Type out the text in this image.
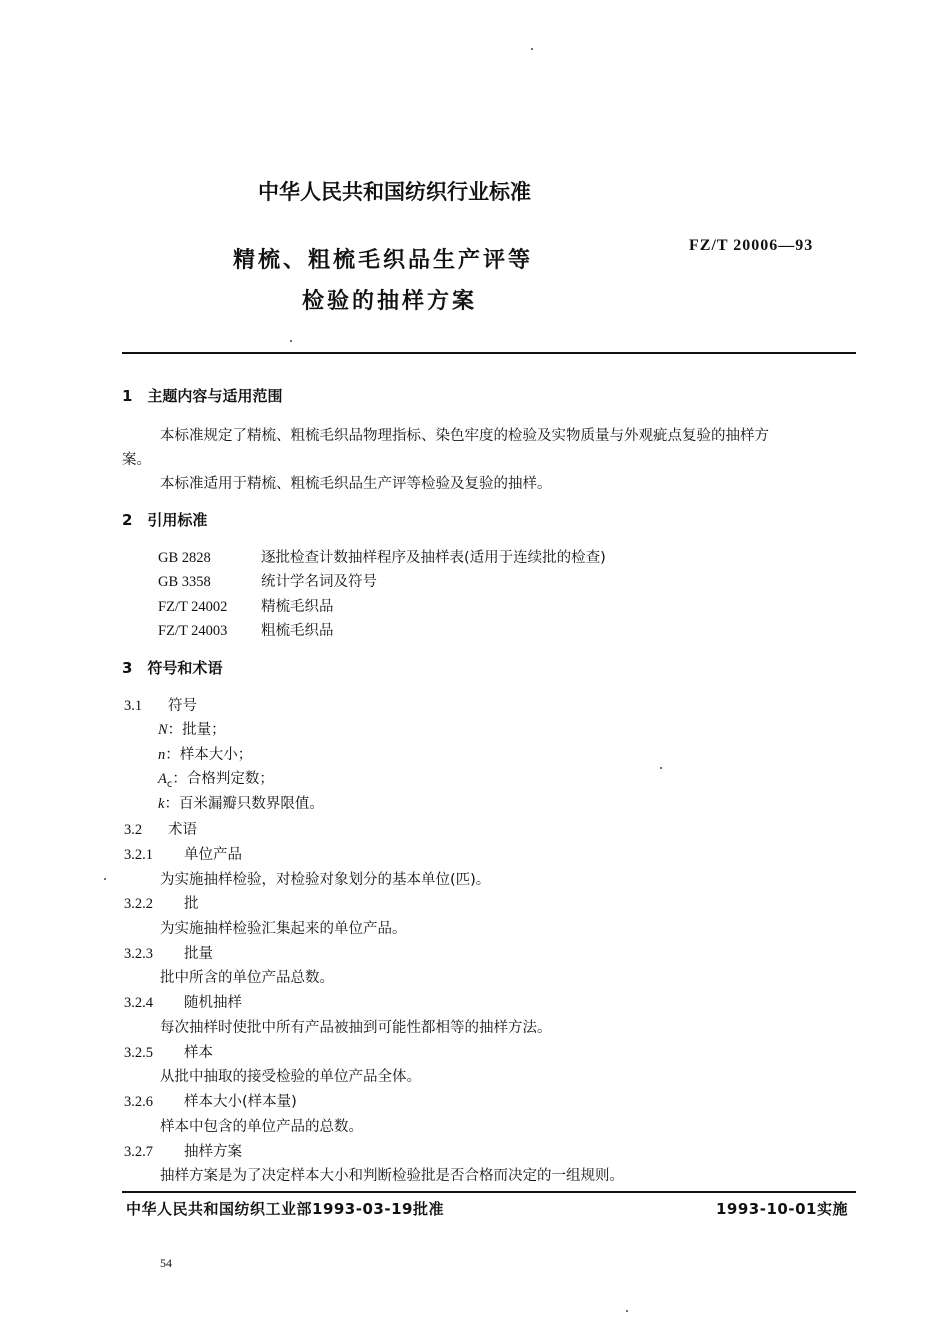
中华人民共和国纺织行业标准
精梳、粗梳毛织品生产评等
检验的抽样方案
FZ/T 20006—93
1　主题内容与适用范围
本标准规定了精梳、粗梳毛织品物理指标、染色牢度的检验及实物质量与外观疵点复验的抽样方
案。
本标准适用于精梳、粗梳毛织品生产评等检验及复验的抽样。
2　引用标准
GB 2828	逐批检查计数抽样程序及抽样表(适用于连续批的检查)
GB 3358	统计学名词及符号
FZ/T 24002 精梳毛织品
FZ/T 24003 粗梳毛织品
3　符号和术语
3.1 符号
N：批量；
n：样本大小；
$A_c$：合格判定数；
k：百米漏瓣只数界限值。
3.2 术语
3.2.1 单位产品
为实施抽样检验，对检验对象划分的基本单位(匹)。
3.2.2 批
为实施抽样检验汇集起来的单位产品。
3.2.3 批量
批中所含的单位产品总数。
3.2.4 随机抽样
每次抽样时使批中所有产品被抽到可能性都相等的抽样方法。
3.2.5 样本
从批中抽取的接受检验的单位产品全体。
3.2.6 样本大小(样本量)
样本中包含的单位产品的总数。
3.2.7 抽样方案
抽样方案是为了决定样本大小和判断检验批是否合格而决定的一组规则。
中华人民共和国纺织工业部1993-03-19批准	1993-10-01实施
54
